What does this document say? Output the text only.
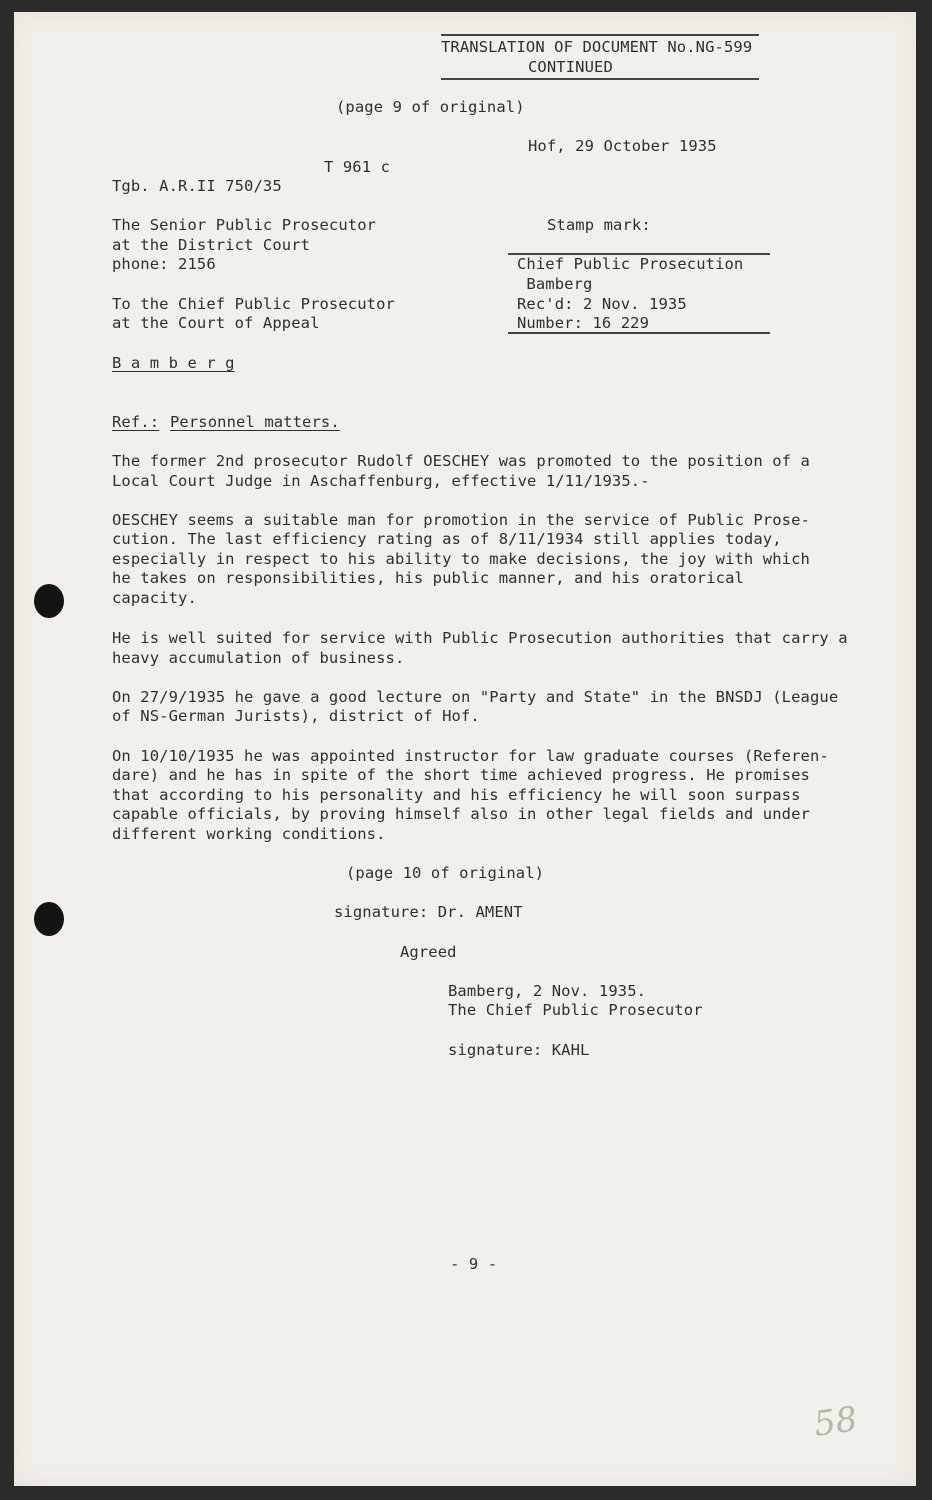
TRANSLATION OF DOCUMENT No.NG-599
CONTINUED
(page 9 of original)
Hof, 29 October 1935
T 961 c
Tgb. A.R.II 750/35
The Senior Public Prosecutor
at the District Court
phone: 2156
To the Chief Public Prosecutor
at the Court of Appeal
Stamp mark:
Chief Public Prosecution
Bamberg
Rec'd: 2 Nov. 1935
Number: 16 229
B a m b e r g
Ref.: Personnel matters.
The former 2nd prosecutor Rudolf OESCHEY was promoted to the position of a
Local Court Judge in Aschaffenburg, effective 1/11/1935.-
OESCHEY seems a suitable man for promotion in the service of Public Prose-
cution. The last efficiency rating as of 8/11/1934 still applies today,
especially in respect to his ability to make decisions, the joy with which
he takes on responsibilities, his public manner, and his oratorical
capacity.
He is well suited for service with Public Prosecution authorities that carry a
heavy accumulation of business.
On 27/9/1935 he gave a good lecture on "Party and State" in the BNSDJ (League
of NS-German Jurists), district of Hof.
On 10/10/1935 he was appointed instructor for law graduate courses (Referen-
dare) and he has in spite of the short time achieved progress. He promises
that according to his personality and his efficiency he will soon surpass
capable officials, by proving himself also in other legal fields and under
different working conditions.
(page 10 of original)
signature: Dr. AMENT
Agreed
Bamberg, 2 Nov. 1935.
The Chief Public Prosecutor
signature: KAHL
- 9 -
58
